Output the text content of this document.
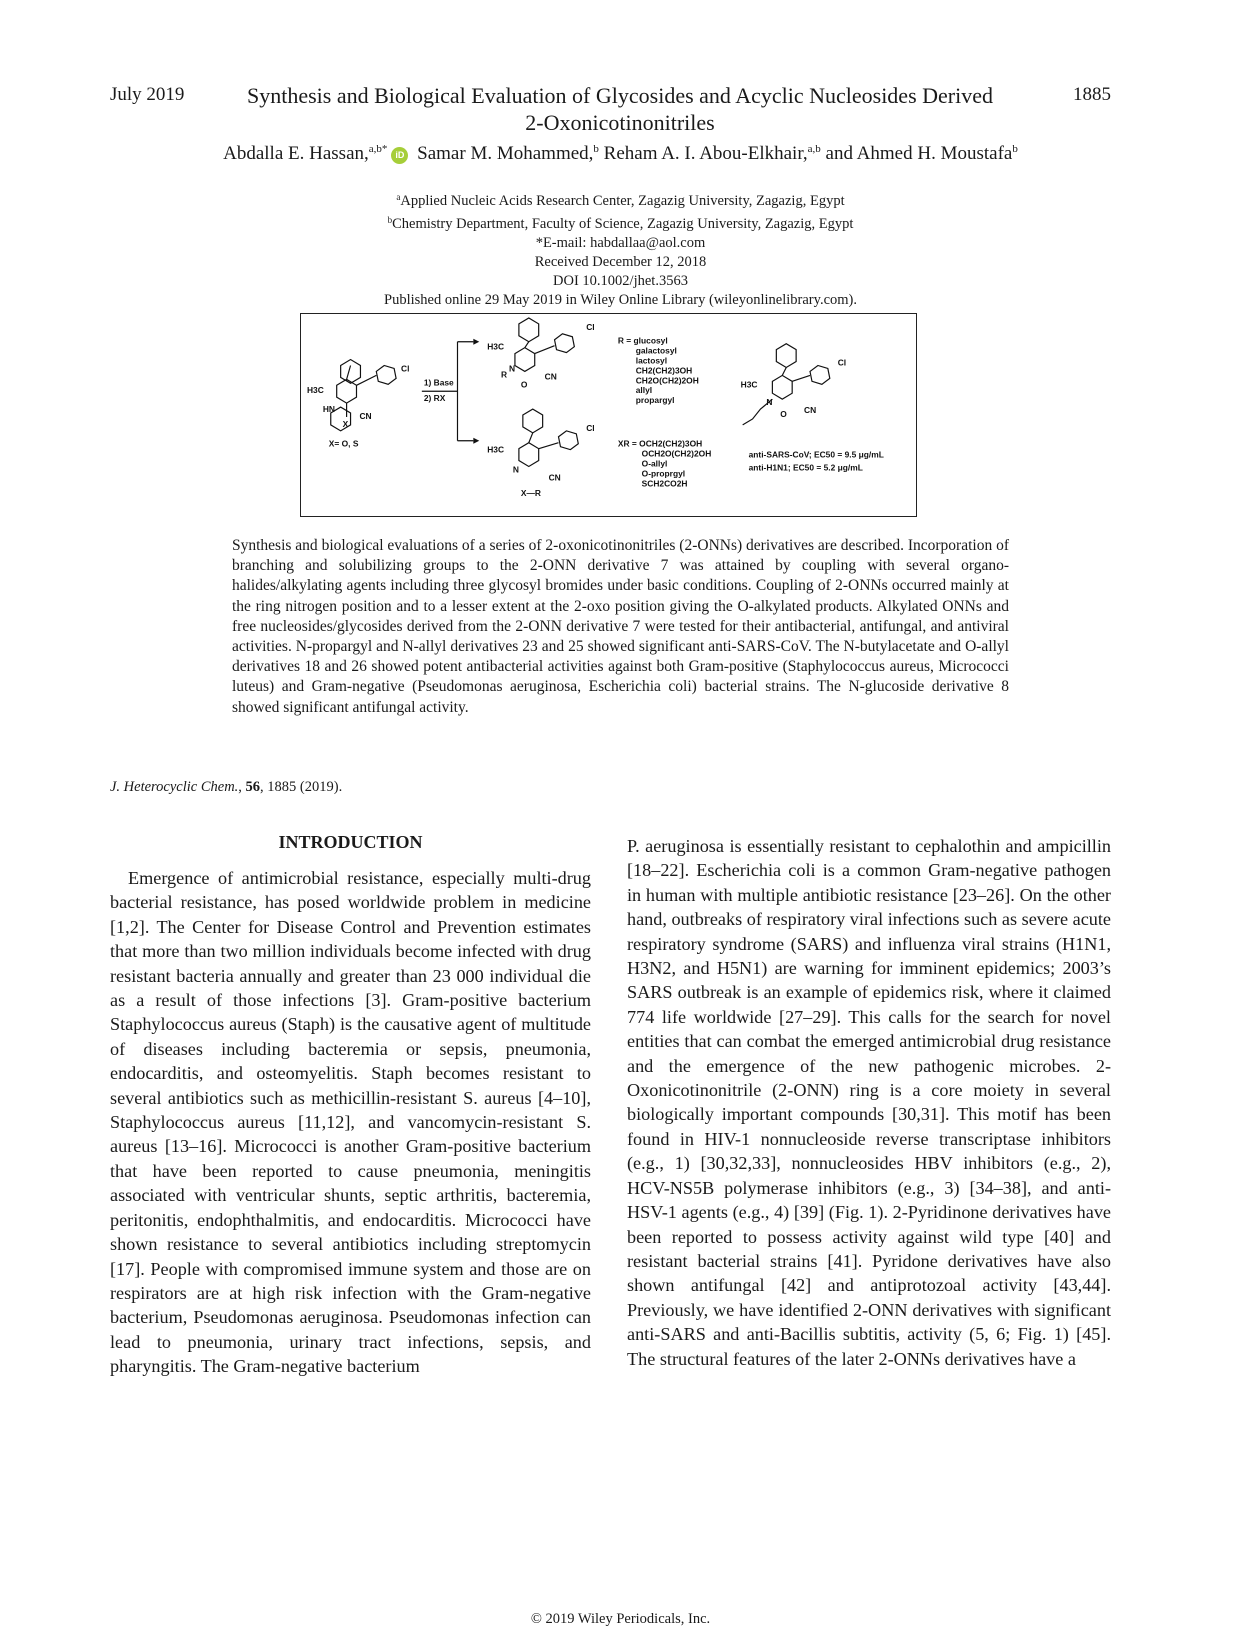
July 2019	1885
Synthesis and Biological Evaluation of Glycosides and Acyclic Nucleosides Derived 2-Oxonicotinonitriles
Abdalla E. Hassan,$^{a,b*}$ iD Samar M. Mohammed,$^b$ Reham A. I. Abou-Elkhair,$^{a,b}$ and Ahmed H. Moustafa$^b$
$^a$Applied Nucleic Acids Research Center, Zagazig University, Zagazig, Egypt
$^b$Chemistry Department, Faculty of Science, Zagazig University, Zagazig, Egypt
*E-mail: habdallaa@aol.com
Received December 12, 2018
DOI 10.1002/jhet.3563
Published online 29 May 2019 in Wiley Online Library (wileyonlinelibrary.com).
H3C
HN
CN
Cl
X
X= O, S
1) Base
2) RX
H3C
R
N
CN
O
Cl
H3C
N
CN
Cl
X—R
R = glucosyl
galactosyl
lactosyl
CH2(CH2)3OH
CH2O(CH2)2OH
allyl
propargyl
XR = OCH2(CH2)3OH
OCH2O(CH2)2OH
O-allyl
O-proprgyl
SCH2CO2H
H3C
N
CN
O
Cl
anti-SARS-CoV; EC50 = 9.5 μg/mL
anti-H1N1; EC50 = 5.2 μg/mL
Synthesis and biological evaluations of a series of 2-oxonicotinonitriles (2-ONNs) derivatives are described. Incorporation of branching and solubilizing groups to the 2-ONN derivative 7 was attained by coupling with several organo-halides/alkylating agents including three glycosyl bromides under basic conditions. Coupling of 2-ONNs occurred mainly at the ring nitrogen position and to a lesser extent at the 2-oxo position giving the O-alkylated products. Alkylated ONNs and free nucleosides/glycosides derived from the 2-ONN derivative 7 were tested for their antibacterial, antifungal, and antiviral activities. N-propargyl and N-allyl derivatives 23 and 25 showed significant anti-SARS-CoV. The N-butylacetate and O-allyl derivatives 18 and 26 showed potent antibacterial activities against both Gram-positive (Staphylococcus aureus, Micrococci luteus) and Gram-negative (Pseudomonas aeruginosa, Escherichia coli) bacterial strains. The N-glucoside derivative 8 showed significant antifungal activity.
J. Heterocyclic Chem., 56, 1885 (2019).
INTRODUCTION
Emergence of antimicrobial resistance, especially multi-drug bacterial resistance, has posed worldwide problem in medicine [1,2]. The Center for Disease Control and Prevention estimates that more than two million individuals become infected with drug resistant bacteria annually and greater than 23 000 individual die as a result of those infections [3]. Gram-positive bacterium Staphylococcus aureus (Staph) is the causative agent of multitude of diseases including bacteremia or sepsis, pneumonia, endocarditis, and osteomyelitis. Staph becomes resistant to several antibiotics such as methicillin-resistant S. aureus [4–10], Staphylococcus aureus [11,12], and vancomycin-resistant S. aureus [13–16]. Micrococci is another Gram-positive bacterium that have been reported to cause pneumonia, meningitis associated with ventricular shunts, septic arthritis, bacteremia, peritonitis, endophthalmitis, and endocarditis. Micrococci have shown resistance to several antibiotics including streptomycin [17]. People with compromised immune system and those are on respirators are at high risk infection with the Gram-negative bacterium, Pseudomonas aeruginosa. Pseudomonas infection can lead to pneumonia, urinary tract infections, sepsis, and pharyngitis. The Gram-negative bacterium
P. aeruginosa is essentially resistant to cephalothin and ampicillin [18–22]. Escherichia coli is a common Gram-negative pathogen in human with multiple antibiotic resistance [23–26]. On the other hand, outbreaks of respiratory viral infections such as severe acute respiratory syndrome (SARS) and influenza viral strains (H1N1, H3N2, and H5N1) are warning for imminent epidemics; 2003’s SARS outbreak is an example of epidemics risk, where it claimed 774 life worldwide [27–29]. This calls for the search for novel entities that can combat the emerged antimicrobial drug resistance and the emergence of the new pathogenic microbes. 2-Oxonicotinonitrile (2-ONN) ring is a core moiety in several biologically important compounds [30,31]. This motif has been found in HIV-1 nonnucleoside reverse transcriptase inhibitors (e.g., 1) [30,32,33], nonnucleosides HBV inhibitors (e.g., 2), HCV-NS5B polymerase inhibitors (e.g., 3) [34–38], and anti-HSV-1 agents (e.g., 4) [39] (Fig. 1). 2-Pyridinone derivatives have been reported to possess activity against wild type [40] and resistant bacterial strains [41]. Pyridone derivatives have also shown antifungal [42] and antiprotozoal activity [43,44]. Previously, we have identified 2-ONN derivatives with significant anti-SARS and anti-Bacillis subtitis, activity (5, 6; Fig. 1) [45]. The structural features of the later 2-ONNs derivatives have a
© 2019 Wiley Periodicals, Inc.
